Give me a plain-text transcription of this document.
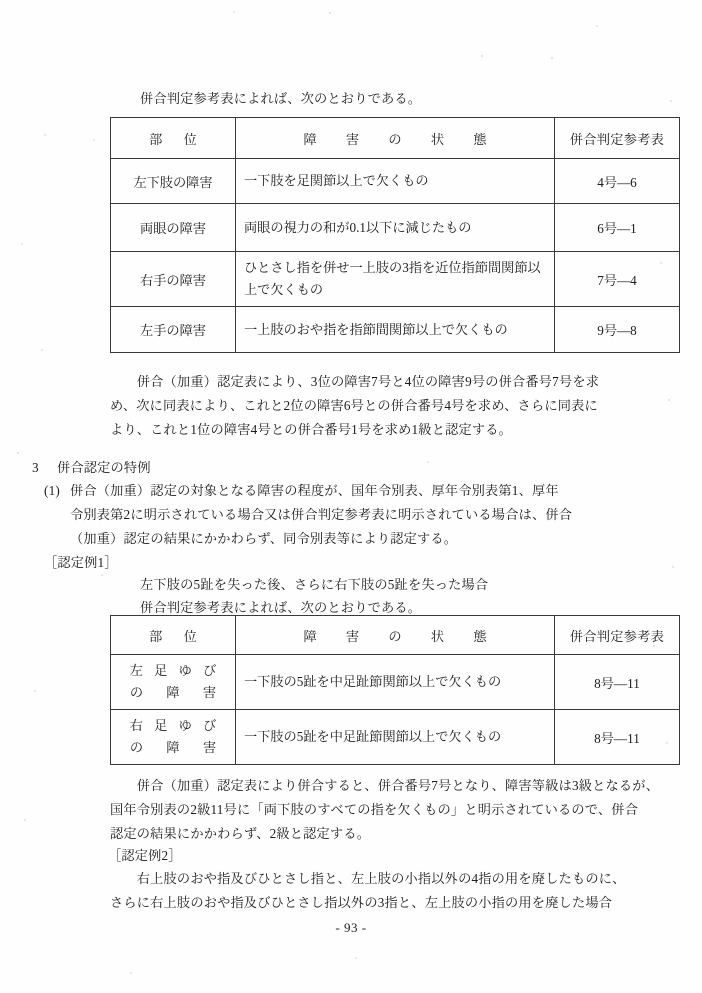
併合判定参考表によれば、次のとおりである。
部 位	障 害 の 状 態	併合判定参考表
左下肢の障害	一下肢を足関節以上で欠くもの	4号—6
両眼の障害	両眼の視力の和が0.1以下に減じたもの	6号—1
右手の障害	ひとさし指を併せ一上肢の3指を近位指節間関節以上で欠くもの	7号—4
左手の障害	一上肢のおや指を指節間関節以上で欠くもの	9号—8
　　併合（加重）認定表により、3位の障害7号と4位の障害9号の併合番号7号を求
め、次に同表により、これと2位の障害6号との併合番号4号を求め、さらに同表に
より、これと1位の障害4号との併合番号1号を求め1級と認定する。
3 併合認定の特例
(1) 併合（加重）認定の対象となる障害の程度が、国年令別表、厚年令別表第1、厚年
令別表第2に明示されている場合又は併合判定参考表に明示されている場合は、併合
（加重）認定の結果にかかわらず、同令別表等により認定する。
［認定例1］
左下肢の5趾を失った後、さらに右下肢の5趾を失った場合
併合判定参考表によれば、次のとおりである。
部 位	障 害 の 状 態	併合判定参考表

左 足 ゆ び
の 障 害	一下肢の5趾を中足趾節関節以上で欠くもの	8号—11

右 足 ゆ び
の 障 害	一下肢の5趾を中足趾節関節以上で欠くもの	8号—11
　　併合（加重）認定表により併合すると、併合番号7号となり、障害等級は3級となるが、
国年令別表の2級11号に「両下肢のすべての指を欠くもの」と明示されているので、併合
認定の結果にかかわらず、2級と認定する。
［認定例2］
　　右上肢のおや指及びひとさし指と、左上肢の小指以外の4指の用を廃したものに、
さらに右上肢のおや指及びひとさし指以外の3指と、左上肢の小指の用を廃した場合
- 93 -
